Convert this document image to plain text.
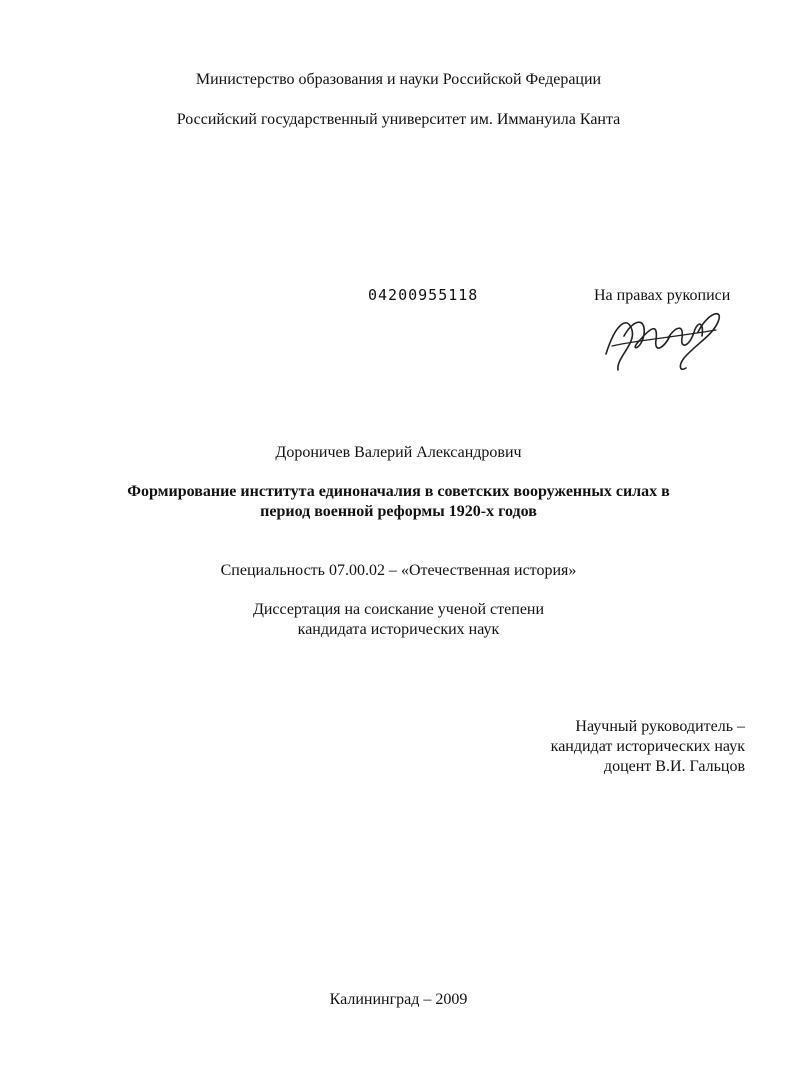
Министерство образования и науки Российской Федерации
Российский государственный университет им. Иммануила Канта
04200955118	На правах рукописи
Дороничев Валерий Александрович
Формирование института единоначалия в советских вооруженных силах в
период военной реформы 1920-х годов
Специальность 07.00.02 – «Отечественная история»
Диссертация на соискание ученой степени
кандидата исторических наук
Научный руководитель –
кандидат исторических наук
доцент В.И. Гальцов
Калининград – 2009
